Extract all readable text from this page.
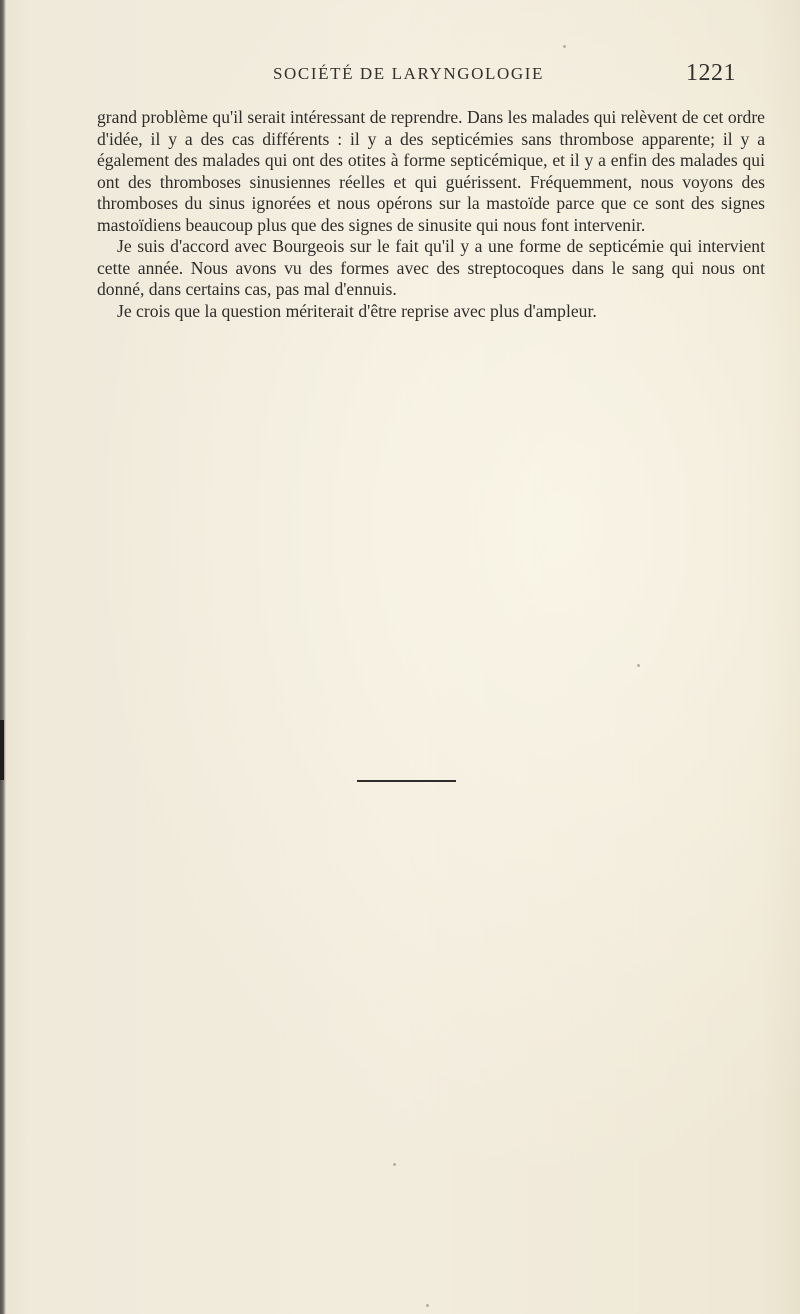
SOCIÉTÉ DE LARYNGOLOGIE	1221

grand problème qu'il serait intéressant de reprendre. Dans les malades qui relèvent de cet ordre d'idée, il y a des cas différents : il y a des septicémies sans thrombose apparente; il y a également des malades qui ont des otites à forme septicémique, et il y a enfin des malades qui ont des thromboses sinusiennes réelles et qui guérissent. Fréquemment, nous voyons des thromboses du sinus ignorées et nous opérons sur la mastoïde parce que ce sont des signes mastoïdiens beaucoup plus que des signes de sinusite qui nous font intervenir.

Je suis d'accord avec Bourgeois sur le fait qu'il y a une forme de septicémie qui intervient cette année. Nous avons vu des formes avec des streptocoques dans le sang qui nous ont donné, dans certains cas, pas mal d'ennuis.

Je crois que la question mériterait d'être reprise avec plus d'ampleur.
